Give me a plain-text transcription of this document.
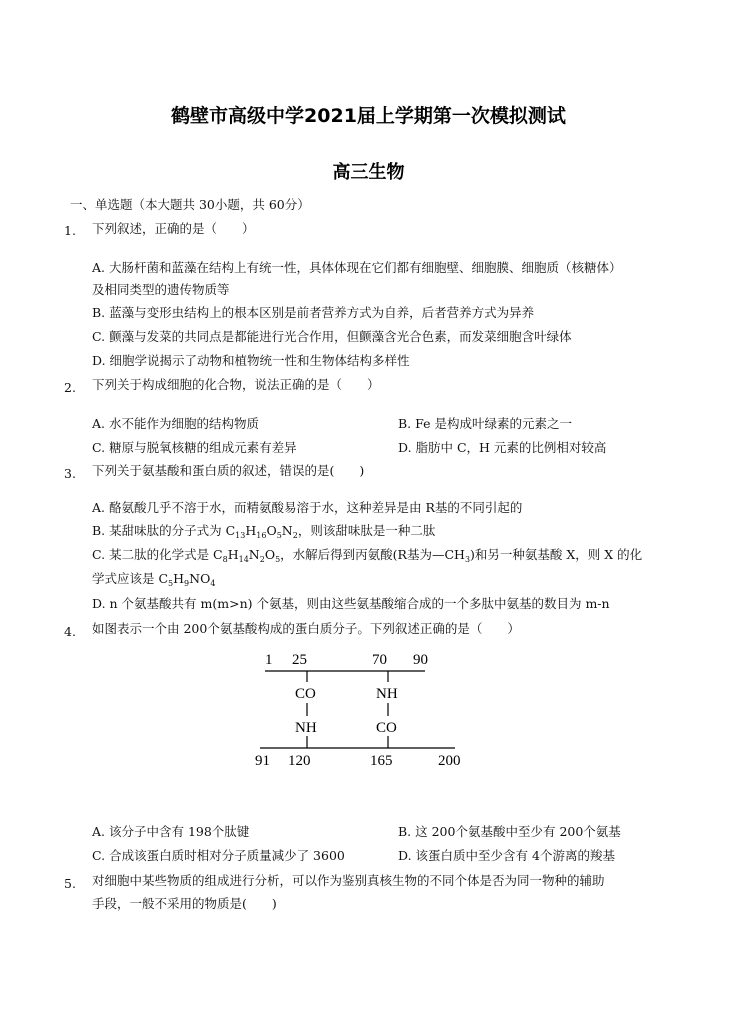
鹤壁市高级中学2021届上学期第一次模拟测试
高三生物
一、单选题（本大题共 30小题，共 60分）
1. 下列叙述，正确的是（　　）
A. 大肠杆菌和蓝藻在结构上有统一性，具体体现在它们都有细胞壁、细胞膜、细胞质（核糖体）
及相同类型的遗传物质等
B. 蓝藻与变形虫结构上的根本区别是前者营养方式为自养，后者营养方式为异养
C. 颤藻与发菜的共同点是都能进行光合作用，但颤藻含光合色素，而发菜细胞含叶绿体
D. 细胞学说揭示了动物和植物统一性和生物体结构多样性
2. 下列关于构成细胞的化合物，说法正确的是（　　）
A. 水不能作为细胞的结构物质	B. Fe 是构成叶绿素的元素之一
C. 糖原与脱氧核糖的组成元素有差异	D. 脂肪中 C，H 元素的比例相对较高
3. 下列关于氨基酸和蛋白质的叙述，错误的是(　　)
A. 酪氨酸几乎不溶于水，而精氨酸易溶于水，这种差异是由 R基的不同引起的
B. 某甜味肽的分子式为 $C_{13}H_{16}O_5N_2$，则该甜味肽是一种二肽
C. 某二肽的化学式是 $C_8H_{14}N_2O_5$，水解后得到丙氨酸(R基为$—CH_3$)和另一种氨基酸 X，则 X 的化
学式应该是 $C_5H_9NO_4$
D. n 个氨基酸共有 m(m>n) 个氨基，则由这些氨基酸缩合成的一个多肽中氨基的数目为 m-n
4. 如图表示一个由 200个氨基酸构成的蛋白质分子。下列叙述正确的是（　　）
1 25	70 90
CO
NH
NH
CO
91 120	165	200
A. 该分子中含有 198个肽键	B. 这 200个氨基酸中至少有 200个氨基
C. 合成该蛋白质时相对分子质量减少了 3600	D. 该蛋白质中至少含有 4个游离的羧基
5. 对细胞中某些物质的组成进行分析，可以作为鉴别真核生物的不同个体是否为同一物种的辅助
手段，一般不采用的物质是(　　)
